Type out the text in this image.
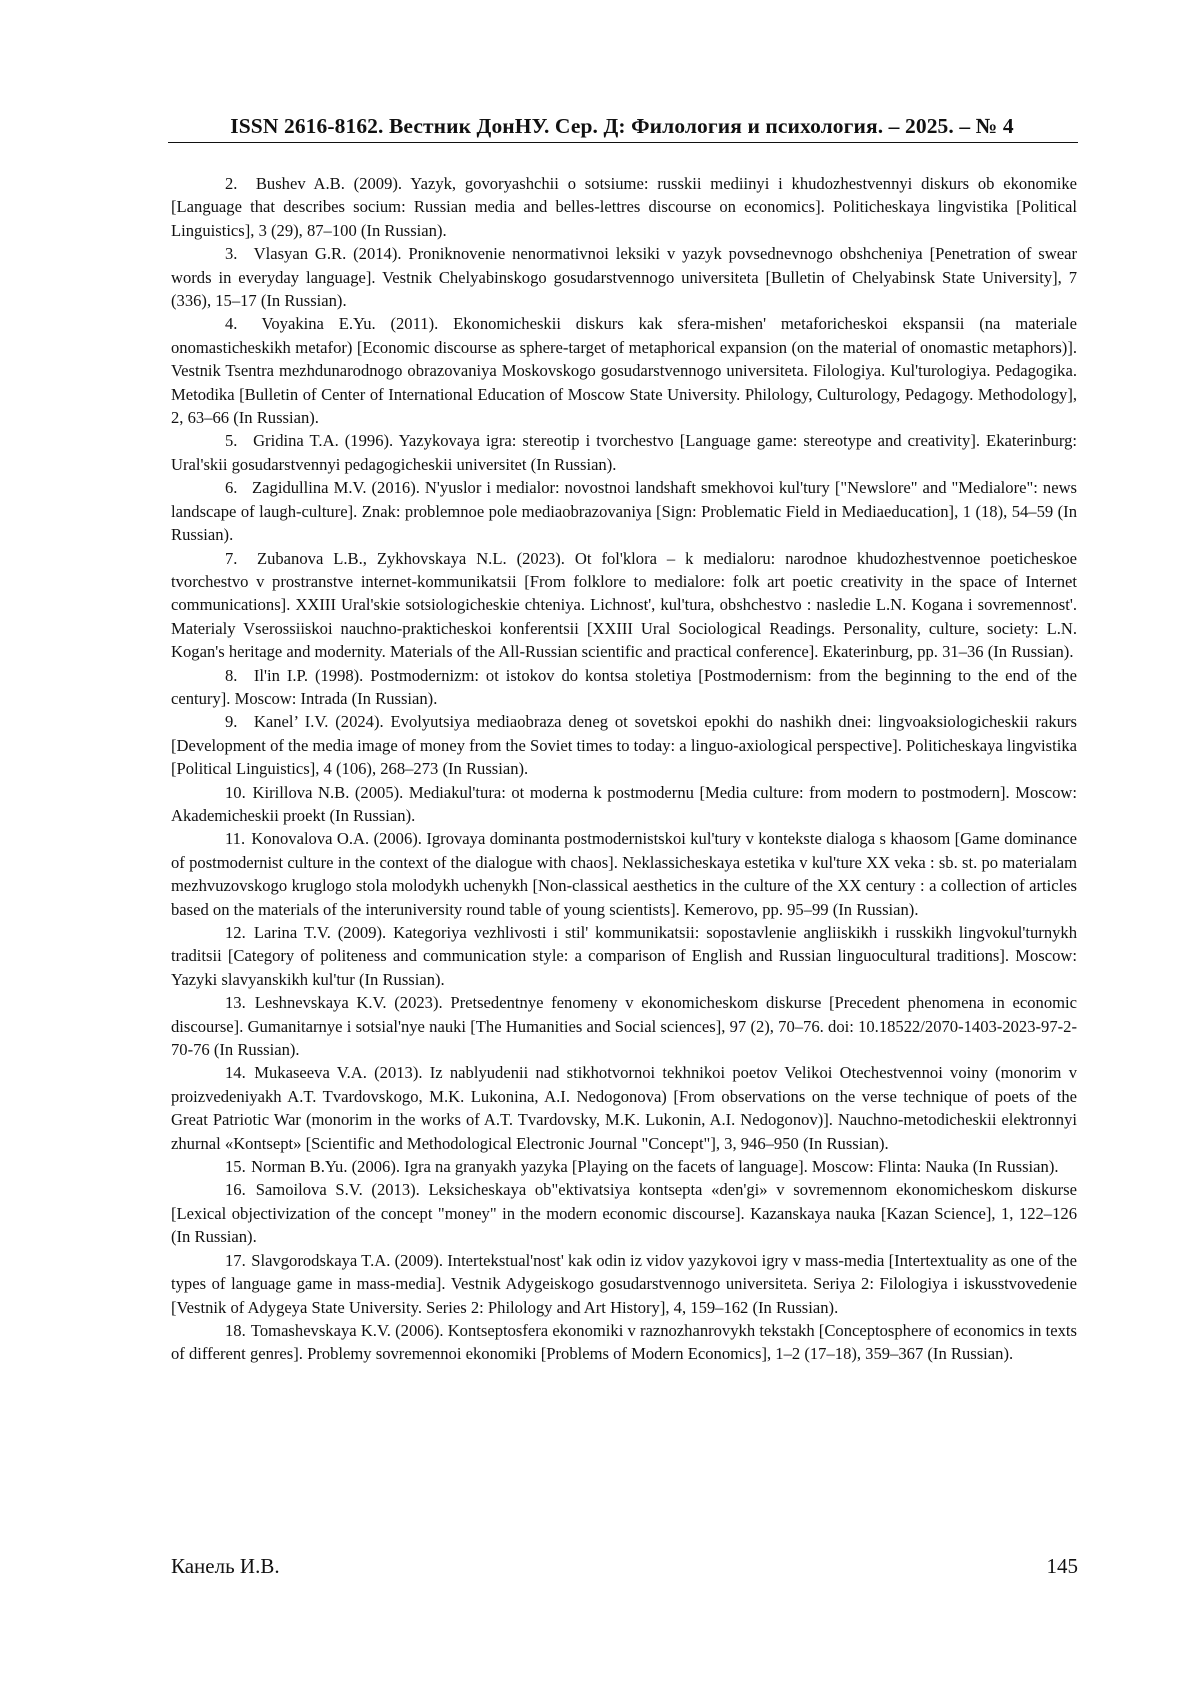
ISSN 2616-8162. Вестник ДонНУ. Сер. Д: Филология и психология. – 2025. – № 4

2. Bushev A.B. (2009). Yazyk, govoryashchii o sotsiume: russkii mediinyi i khudozhestvennyi diskurs ob ekonomike [Language that describes socium: Russian media and belles-lettres discourse on economics]. Politicheskaya lingvistika [Political Linguistics], 3 (29), 87–100 (In Russian).

3. Vlasyan G.R. (2014). Proniknovenie nenormativnoi leksiki v yazyk povsednevnogo obshcheniya [Penetration of swear words in everyday language]. Vestnik Chelyabinskogo gosudarstvennogo universiteta [Bulletin of Chelyabinsk State University], 7 (336), 15–17 (In Russian).

4. Voyakina E.Yu. (2011). Ekonomicheskii diskurs kak sfera-mishen' metaforicheskoi ekspansii (na materiale onomasticheskikh metafor) [Economic discourse as sphere-target of metaphorical expansion (on the material of onomastic metaphors)]. Vestnik Tsentra mezhdunarodnogo obrazovaniya Moskovskogo gosudarstvennogo universiteta. Filologiya. Kul'turologiya. Pedagogika. Metodika [Bulletin of Center of International Education of Moscow State University. Philology, Culturology, Pedagogy. Methodology], 2, 63–66 (In Russian).

5. Gridina T.A. (1996). Yazykovaya igra: stereotip i tvorchestvo [Language game: stereotype and creativity]. Ekaterinburg: Ural'skii gosudarstvennyi pedagogicheskii universitet (In Russian).

6. Zagidullina M.V. (2016). N'yuslor i medialor: novostnoi landshaft smekhovoi kul'tury ["Newslore" and "Medialore": news landscape of laugh-culture]. Znak: problemnoe pole mediaobrazovaniya [Sign: Problematic Field in Mediaeducation], 1 (18), 54–59 (In Russian).

7. Zubanova L.B., Zykhovskaya N.L. (2023). Ot fol'klora – k medialoru: narodnoe khudozhestvennoe poeticheskoe tvorchestvo v prostranstve internet-kommunikatsii [From folklore to medialore: folk art poetic creativity in the space of Internet communications]. XXIII Ural'skie sotsiologicheskie chteniya. Lichnost', kul'tura, obshchestvo : nasledie L.N. Kogana i sovremennost'. Materialy Vserossiiskoi nauchno-prakticheskoi konferentsii [XXIII Ural Sociological Readings. Personality, culture, society: L.N. Kogan's heritage and modernity. Materials of the All-Russian scientific and practical conference]. Ekaterinburg, pp. 31–36 (In Russian).

8. Il'in I.P. (1998). Postmodernizm: ot istokov do kontsa stoletiya [Postmodernism: from the beginning to the end of the century]. Moscow: Intrada (In Russian).

9. Kanel’ I.V. (2024). Evolyutsiya mediaobraza deneg ot sovetskoi epokhi do nashikh dnei: lingvoaksiologicheskii rakurs [Development of the media image of money from the Soviet times to today: a linguo-axiological perspective]. Politicheskaya lingvistika [Political Linguistics], 4 (106), 268–273 (In Russian).

10. Kirillova N.B. (2005). Mediakul'tura: ot moderna k postmodernu [Media culture: from modern to postmodern]. Moscow: Akademicheskii proekt (In Russian).

11. Konovalova O.A. (2006). Igrovaya dominanta postmodernistskoi kul'tury v kontekste dialoga s khaosom [Game dominance of postmodernist culture in the context of the dialogue with chaos]. Neklassicheskaya estetika v kul'ture XX veka : sb. st. po materialam mezhvuzovskogo kruglogo stola molodykh uchenykh [Non-classical aesthetics in the culture of the XX century : a collection of articles based on the materials of the interuniversity round table of young scientists]. Kemerovo, pp. 95–99 (In Russian).

12. Larina T.V. (2009). Kategoriya vezhlivosti i stil' kommunikatsii: sopostavlenie angliiskikh i russkikh lingvokul'turnykh traditsii [Category of politeness and communication style: a comparison of English and Russian linguocultural traditions]. Moscow: Yazyki slavyanskikh kul'tur (In Russian).

13. Leshnevskaya K.V. (2023). Pretsedentnye fenomeny v ekonomicheskom diskurse [Precedent phenomena in economic discourse]. Gumanitarnye i sotsial'nye nauki [The Humanities and Social sciences], 97 (2), 70–76. doi: 10.18522/2070-1403-2023-97-2-70-76 (In Russian).

14. Mukaseeva V.A. (2013). Iz nablyudenii nad stikhotvornoi tekhnikoi poetov Velikoi Otechestvennoi voiny (monorim v proizvedeniyakh A.T. Tvardovskogo, M.K. Lukonina, A.I. Nedogonova) [From observations on the verse technique of poets of the Great Patriotic War (monorim in the works of A.T. Tvardovsky, M.K. Lukonin, A.I. Nedogonov)]. Nauchno-metodicheskii elektronnyi zhurnal «Kontsept» [Scientific and Methodological Electronic Journal "Concept"], 3, 946–950 (In Russian).

15. Norman B.Yu. (2006). Igra na granyakh yazyka [Playing on the facets of language]. Moscow: Flinta: Nauka (In Russian).

16. Samoilova S.V. (2013). Leksicheskaya ob"ektivatsiya kontsepta «den'gi» v sovremennom ekonomicheskom diskurse [Lexical objectivization of the concept "money" in the modern economic discourse]. Kazanskaya nauka [Kazan Science], 1, 122–126 (In Russian).

17. Slavgorodskaya T.A. (2009). Intertekstual'nost' kak odin iz vidov yazykovoi igry v mass-media [Intertextuality as one of the types of language game in mass-media]. Vestnik Adygeiskogo gosudarstvennogo universiteta. Seriya 2: Filologiya i iskusstvovedenie [Vestnik of Adygeya State University. Series 2: Philology and Art History], 4, 159–162 (In Russian).

18. Tomashevskaya K.V. (2006). Kontseptosfera ekonomiki v raznozhanrovykh tekstakh [Conceptosphere of economics in texts of different genres]. Problemy sovremennoi ekonomiki [Problems of Modern Economics], 1–2 (17–18), 359–367 (In Russian).

Канель И.В.	145
